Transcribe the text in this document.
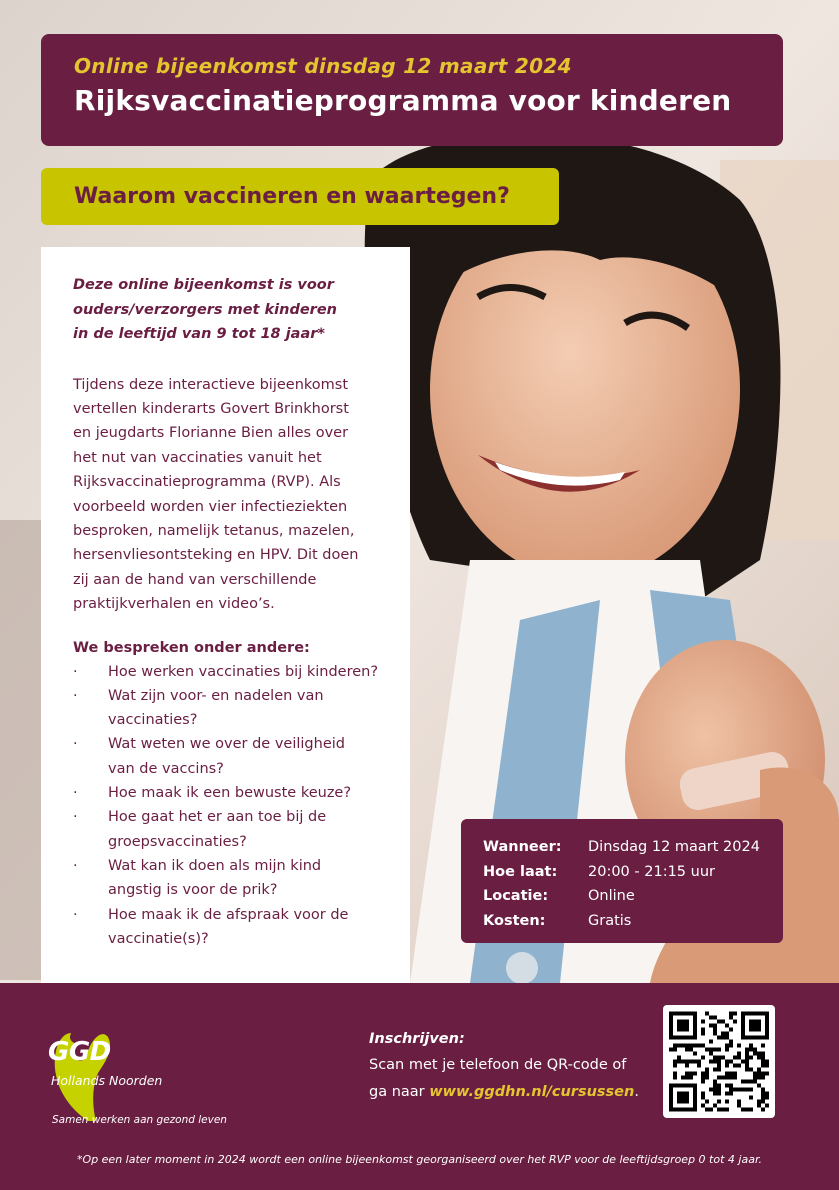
Online bijeenkomst dinsdag 12 maart 2024
Rijksvaccinatieprogramma voor kinderen
Waarom vaccineren en waartegen?
Deze online bijeenkomst is voor
ouders/verzorgers met kinderen
in de leeftijd van 9 tot 18 jaar*
Tijdens deze interactieve bijeenkomst
vertellen kinderarts Govert Brinkhorst
en jeugdarts Florianne Bien alles over
het nut van vaccinaties vanuit het
Rijksvaccinatieprogramma (RVP). Als
voorbeeld worden vier infectieziekten
besproken, namelijk tetanus, mazelen,
hersenvliesontsteking en HPV. Dit doen
zij aan de hand van verschillende
praktijkverhalen en video’s.
We bespreken onder andere:
· Hoe werken vaccinaties bij kinderen?
· Wat zijn voor- en nadelen van
vaccinaties?
· Wat weten we over de veiligheid
van de vaccins?
· Hoe maak ik een bewuste keuze?
· Hoe gaat het er aan toe bij de
groepsvaccinaties?
· Wat kan ik doen als mijn kind
angstig is voor de prik?
· Hoe maak ik de afspraak voor de
vaccinatie(s)?
Wanneer:	Dinsdag 12 maart 2024
Hoe laat:	20:00 - 21:15 uur
Locatie:	Online
Kosten:	Gratis
GGD
Hollands Noorden
Samen werken aan gezond leven
Inschrijven:
Scan met je telefoon de QR-code of
ga naar www.ggdhn.nl/cursussen.
*Op een later moment in 2024 wordt een online bijeenkomst georganiseerd over het RVP voor de leeftijdsgroep 0 tot 4 jaar.
